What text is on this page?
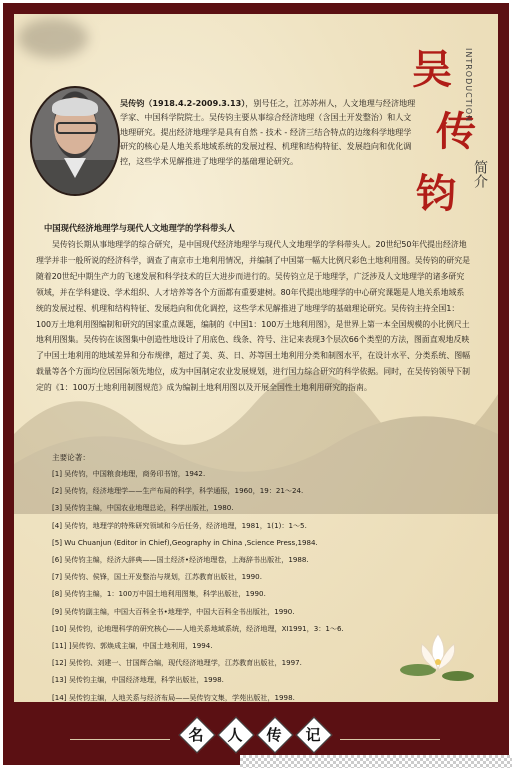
吴
传
钧
INTRODUCTION
简介
吴传钧（1918.4.2-2009.3.13），别号任之，江苏苏州人，人文地理与经济地理学家、中国科学院院士。吴传钧主要从事综合经济地理（含国土开发整治）和人文地理研究。提出经济地理学是具有自然 - 技术 - 经济三结合特点的边缘科学地理学研究的核心是人地关系地域系统的发展过程、机理和结构特征、发展趋向和优化调控，这些学术见解推进了地理学的基础理论研究。
中国现代经济地理学与现代人文地理学的学科带头人
吴传钧长期从事地理学的综合研究，是中国现代经济地理学与现代人文地理学的学科带头人。20世纪50年代提出经济地理学并非一般所说的经济科学，调查了南京市土地利用情况，并编制了中国第一幅大比例尺彩色土地利用图。吴传钧的研究是随着20世纪中期生产力的飞速发展和科学技术的巨大进步而进行的。吴传钧立足于地理学，广泛涉及人文地理学的诸多研究领域，并在学科建设、学术组织、人才培养等各个方面都有重要建树。80年代提出地理学的中心研究课题是人地关系地域系统的发展过程、机理和结构特征、发展趋向和优化调控，这些学术见解推进了地理学的基础理论研究。吴传钧主持全国1：100万土地利用图编制和研究的国家重点课题，编制的《中国1：100万土地利用图》，是世界上第一本全国规模的小比例尺土地利用图集。吴传钧在该图集中创造性地设计了用底色、线条、符号、注记来表现3个层次66个类型的方法，图面直观地反映了中国土地利用的地域差异和分布规律，超过了美、英、日、苏等国土地利用分类和制图水平，在设计水平、分类系统、图幅载量等各个方面均位居国际领先地位，成为中国制定农业发展规划，进行国力综合研究的科学依据。同时，在吴传钧领导下制定的《1：100万土地利用制图规范》成为编制土地利用图以及开展全国性土地利用研究的指南。
主要论著：
[1] 吴传钧，中国粮食地理，商务印书馆，1942.
[2] 吴传钧，经济地理学——生产布局的科学，科学通报，1960，19：21～24.
[3] 吴传钧主编，中国农业地理总论，科学出版社，1980.
[4] 吴传钧，地理学的特殊研究领域和今后任务，经济地理，1981，1(1)：1～5.
[5] Wu Chuanjun (Editor in Chief),Geography in China ,Science Press,1984.
[6] 吴传钧主编，经济大辞典——国土经济•经济地理卷，上海辞书出版社，1988.
[7] 吴传钧、侯锋，国土开发整治与规划，江苏教育出版社，1990.
[8] 吴传钧主编，1：100万中国土地利用图集，科学出版社，1990.
[9] 吴传钧副主编，中国大百科全书•地理学，中国大百科全书出版社，1990.
[10] 吴传钧，论地理科学的研究核心——人地关系地域系统，经济地理，XI1991，3：1～6.
[11] ]吴传钧、郭焕成主编，中国土地利用，1994.
[12] 吴传钧、刘建一、甘国辉合编，现代经济地理学，江苏教育出版社，1997.
[13] 吴传钧主编，中国经济地理，科学出版社，1998.
[14] 吴传钧主编，人地关系与经济布局——吴传钧文集，学苑出版社，1998.
名	人	传	记
